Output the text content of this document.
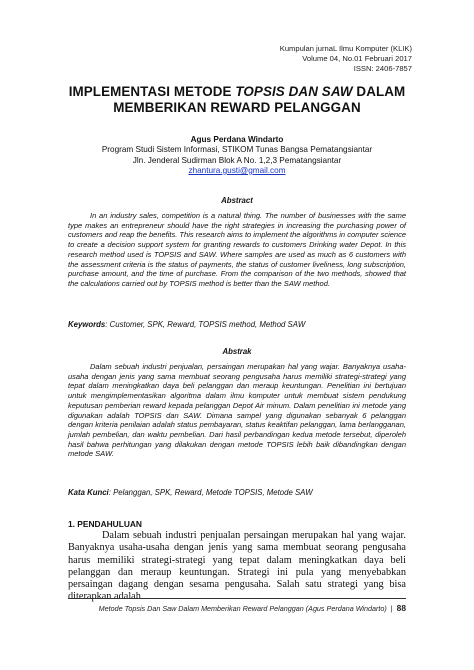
Kumpulan jurnaL Ilmu Komputer (KLIK)
Volume 04, No.01 Februari 2017
ISSN: 2406-7857
IMPLEMENTASI METODE TOPSIS DAN SAW DALAM
MEMBERIKAN REWARD PELANGGAN
Agus Perdana Windarto
Program Studi Sistem Informasi, STIKOM Tunas Bangsa Pematangsiantar
Jln. Jenderal Sudirman Blok A No. 1,2,3 Pematangsiantar
zhantura.gusti@gmail.com
Abstract
In an industry sales, competition is a natural thing. The number of businesses with the same type makes an entrepreneur should have the right strategies in increasing the purchasing power of customers and reap the benefits. This research aims to implement the algorithms in computer science to create a decision support system for granting rewards to customers Drinking water Depot. In this research method used is TOPSIS and SAW. Where samples are used as much as 6 customers with the assessment criteria is the status of payments, the status of customer liveliness, long subscription, purchase amount, and the time of purchase. From the comparison of the two methods, showed that the calculations carried out by TOPSIS method is better than the SAW method.
Keywords: Customer, SPK, Reward, TOPSIS method, Method SAW
Abstrak
Dalam sebuah industri penjualan, persaingan merupakan hal yang wajar. Banyaknya usaha-usaha dengan jenis yang sama membuat seorang pengusaha harus memiliki strategi-strategi yang tepat dalam meningkatkan daya beli pelanggan dan meraup keuntungan. Penelitian ini bertujuan untuk mengimplementasikan algoritma dalam ilmu komputer untuk membuat sistem pendukung keputusan pemberian reward kepada pelanggan Depot Air minum. Dalam penelitian ini metode yang digunakan adalah TOPSIS dan SAW. Dimana sampel yang digunakan sebanyak 6 pelanggan dengan kriteria penilaian adalah status pembayaran, status keaktifan pelanggan, lama berlangganan, jumlah pembelian, dan waktu pembelian. Dari hasil perbandingan kedua metode tersebut, diperoleh hasil bahwa perhitungan yang dilakukan dengan metode TOPSIS lebih baik dibandingkan dengan metode SAW.
Kata Kunci: Pelanggan, SPK, Reward, Metode TOPSIS, Metode SAW
1. PENDAHULUAN
Dalam sebuah industri penjualan persaingan merupakan hal yang wajar. Banyaknya usaha-usaha dengan jenis yang sama membuat seorang pengusaha harus memiliki strategi-strategi yang tepat dalam meningkatkan daya beli pelanggan dan meraup keuntungan. Strategi ini pula yang menyebabkan persaingan dagang dengan sesama pengusaha. Salah satu strategi yang bisa diterapkan adalah
Metode Topsis Dan Saw Dalam Memberikan Reward Pelanggan (Agus Perdana Windarto) | 88
